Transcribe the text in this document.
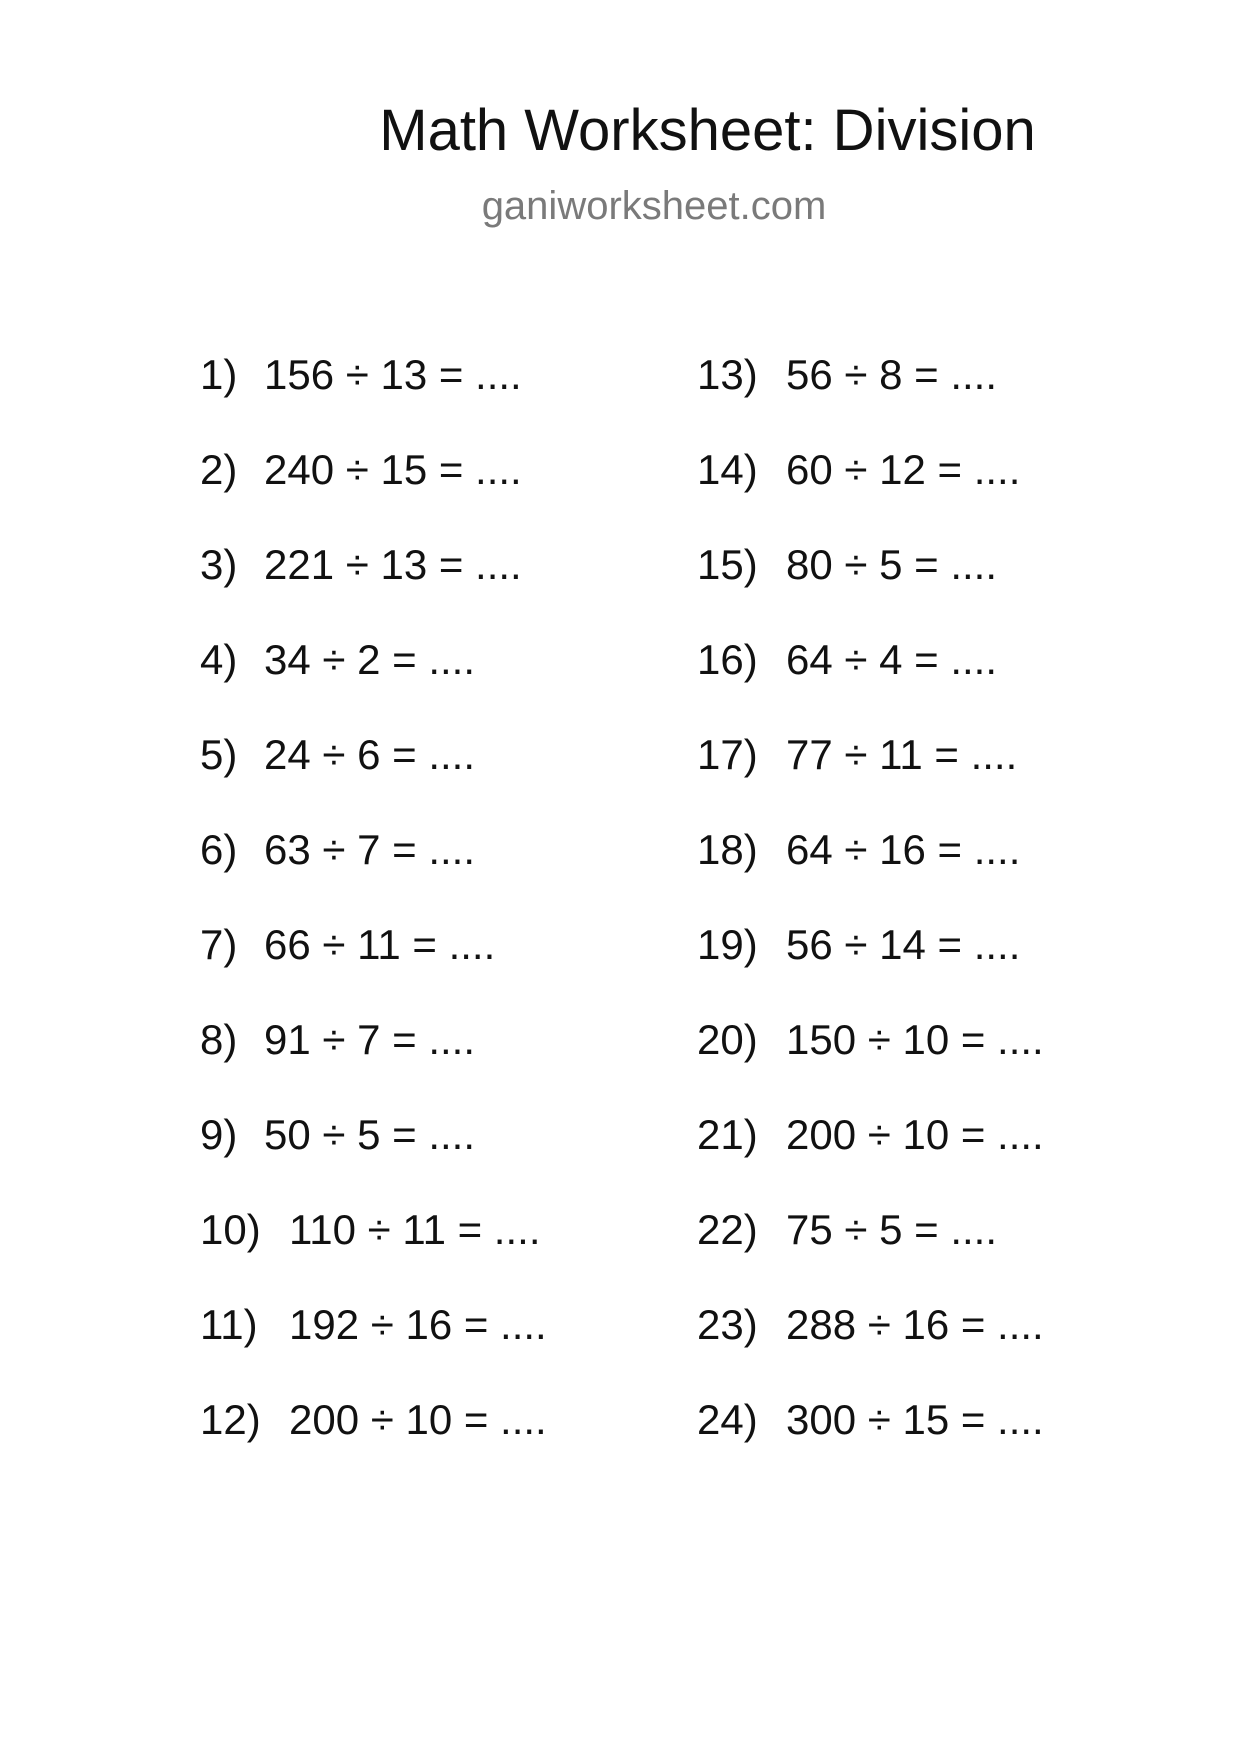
Math Worksheet: Division
ganiworksheet.com
1) 156 ÷ 13 = ....
2) 240 ÷ 15 = ....
3) 221 ÷ 13 = ....
4) 34 ÷ 2 = ....
5) 24 ÷ 6 = ....
6) 63 ÷ 7 = ....
7) 66 ÷ 11 = ....
8) 91 ÷ 7 = ....
9) 50 ÷ 5 = ....
10) 110 ÷ 11 = ....
11) 192 ÷ 16 = ....
12) 200 ÷ 10 = ....
13) 56 ÷ 8 = ....
14) 60 ÷ 12 = ....
15) 80 ÷ 5 = ....
16) 64 ÷ 4 = ....
17) 77 ÷ 11 = ....
18) 64 ÷ 16 = ....
19) 56 ÷ 14 = ....
20) 150 ÷ 10 = ....
21) 200 ÷ 10 = ....
22) 75 ÷ 5 = ....
23) 288 ÷ 16 = ....
24) 300 ÷ 15 = ....
